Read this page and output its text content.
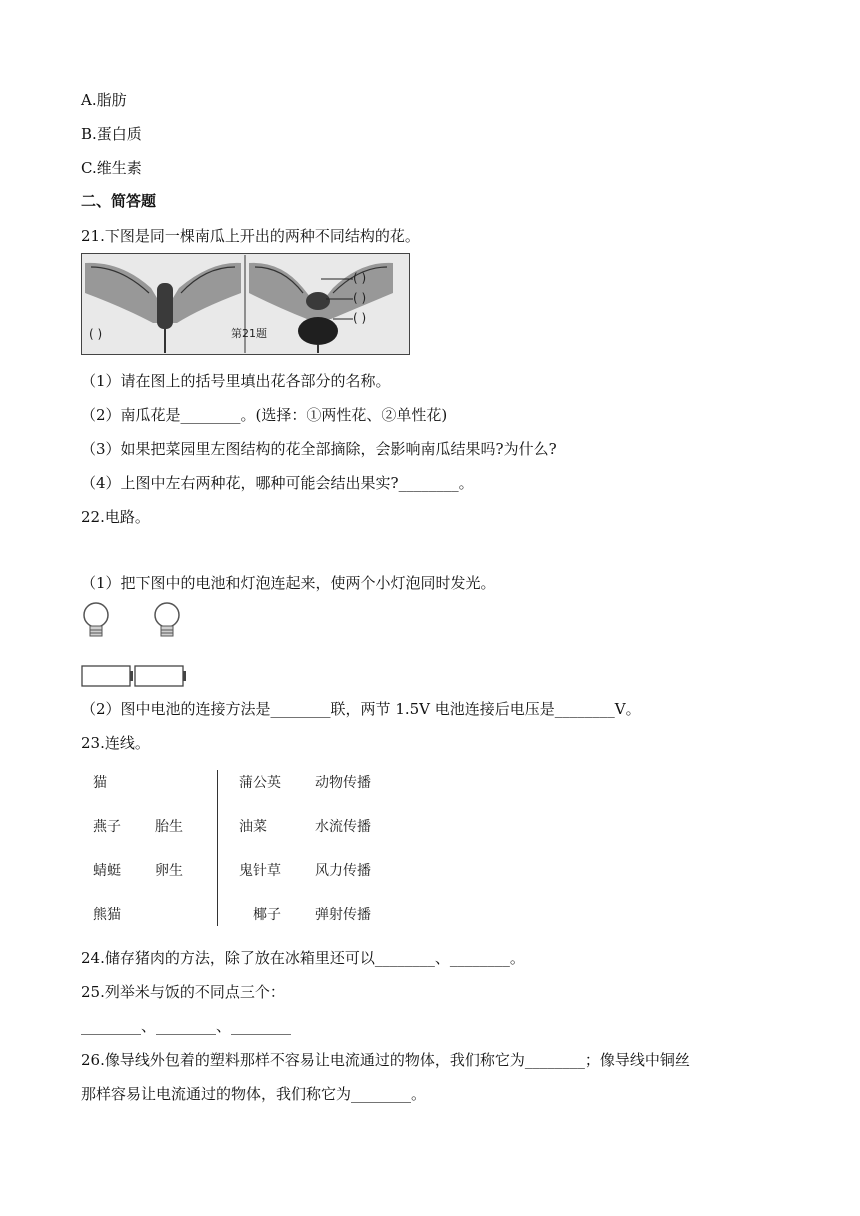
A.脂肪
B.蛋白质
C.维生素
二、简答题
21.下图是同一棵南瓜上开出的两种不同结构的花。
第21题
( )
( )
( )
( )
（1）请在图上的括号里填出花各部分的名称。
（2）南瓜花是________。(选择：①两性花、②单性花)
（3）如果把菜园里左图结构的花全部摘除，会影响南瓜结果吗?为什么?
（4）上图中左右两种花，哪种可能会结出果实?________。
22.电路。
（1）把下图中的电池和灯泡连起来，使两个小灯泡同时发光。
（2）图中电池的连接方法是________联，两节 1.5V 电池连接后电压是________V。
23.连线。
猫
燕子
蜻蜓
熊猫
胎生
卵生
蒲公英
油菜
鬼针草
椰子
动物传播
水流传播
风力传播
弹射传播
24.储存猪肉的方法，除了放在冰箱里还可以________、________。
25.列举米与饭的不同点三个：
________、________、________
26.像导线外包着的塑料那样不容易让电流通过的物体，我们称它为________；像导线中铜丝
那样容易让电流通过的物体，我们称它为________。
